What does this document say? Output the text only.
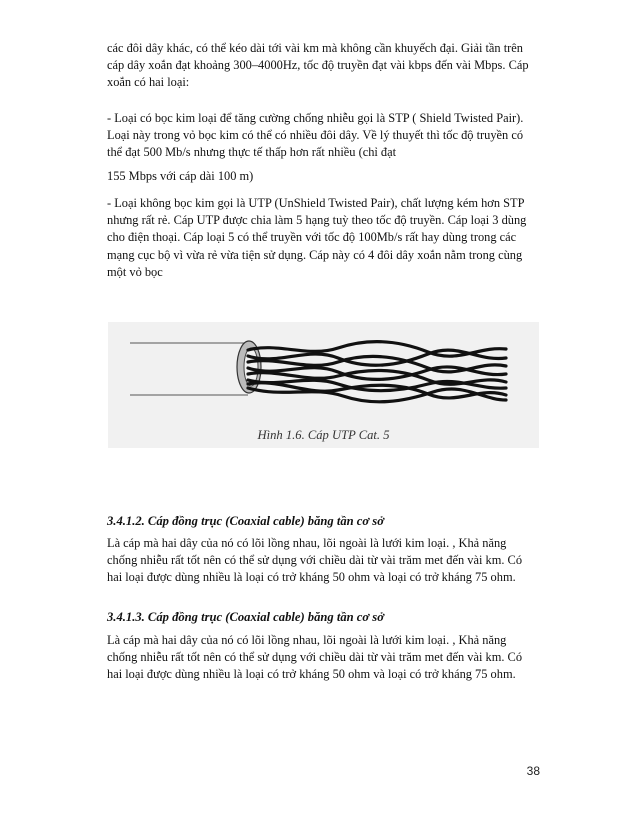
các đôi dây khác, có thể kéo dài tới vài km mà không cần khuyếch đại. Giải tần trên cáp dây xoắn đạt khoảng 300–4000Hz, tốc độ truyền đạt vài kbps đến vài Mbps. Cáp xoắn có hai loại:

- Loại có bọc kim loại để tăng cường chống nhiễu gọi là STP ( Shield Twisted Pair). Loại này trong vỏ bọc kim có thể có nhiều đôi dây. Về lý thuyết thì tốc độ truyền có thể đạt 500 Mb/s nhưng thực tế thấp hơn rất nhiều (chỉ đạt

155 Mbps với cáp dài 100 m)

- Loại không bọc kim gọi là UTP (UnShield Twisted Pair), chất lượng kém hơn STP nhưng rất rẻ. Cáp UTP được chia làm 5 hạng tuỳ theo tốc độ truyền. Cáp loại 3 dùng cho điện thoại. Cáp loại 5 có thể truyền với tốc độ 100Mb/s rất hay dùng trong các mạng cục bộ vì vừa rẻ vừa tiện sử dụng. Cáp này có 4 đôi dây xoắn nằm trong cùng một vỏ bọc

Hình 1.6. Cáp UTP Cat. 5

3.4.1.2. Cáp đồng trục (Coaxial cable) băng tần cơ sở

Là cáp mà hai dây của nó có lõi lồng nhau, lõi ngoài là lưới kim loại. , Khả năng chống nhiễu rất tốt nên có thể sử dụng với chiều dài từ vài trăm met đến vài km. Có hai loại được dùng nhiều là loại có trở kháng 50 ohm và loại có trở kháng 75 ohm.

3.4.1.3. Cáp đồng trục (Coaxial cable) băng tần cơ sở

Là cáp mà hai dây của nó có lõi lồng nhau, lõi ngoài là lưới kim loại. , Khả năng chống nhiễu rất tốt nên có thể sử dụng với chiều dài từ vài trăm met đến vài km. Có hai loại được dùng nhiều là loại có trở kháng 50 ohm và loại có trở kháng 75 ohm.

38
